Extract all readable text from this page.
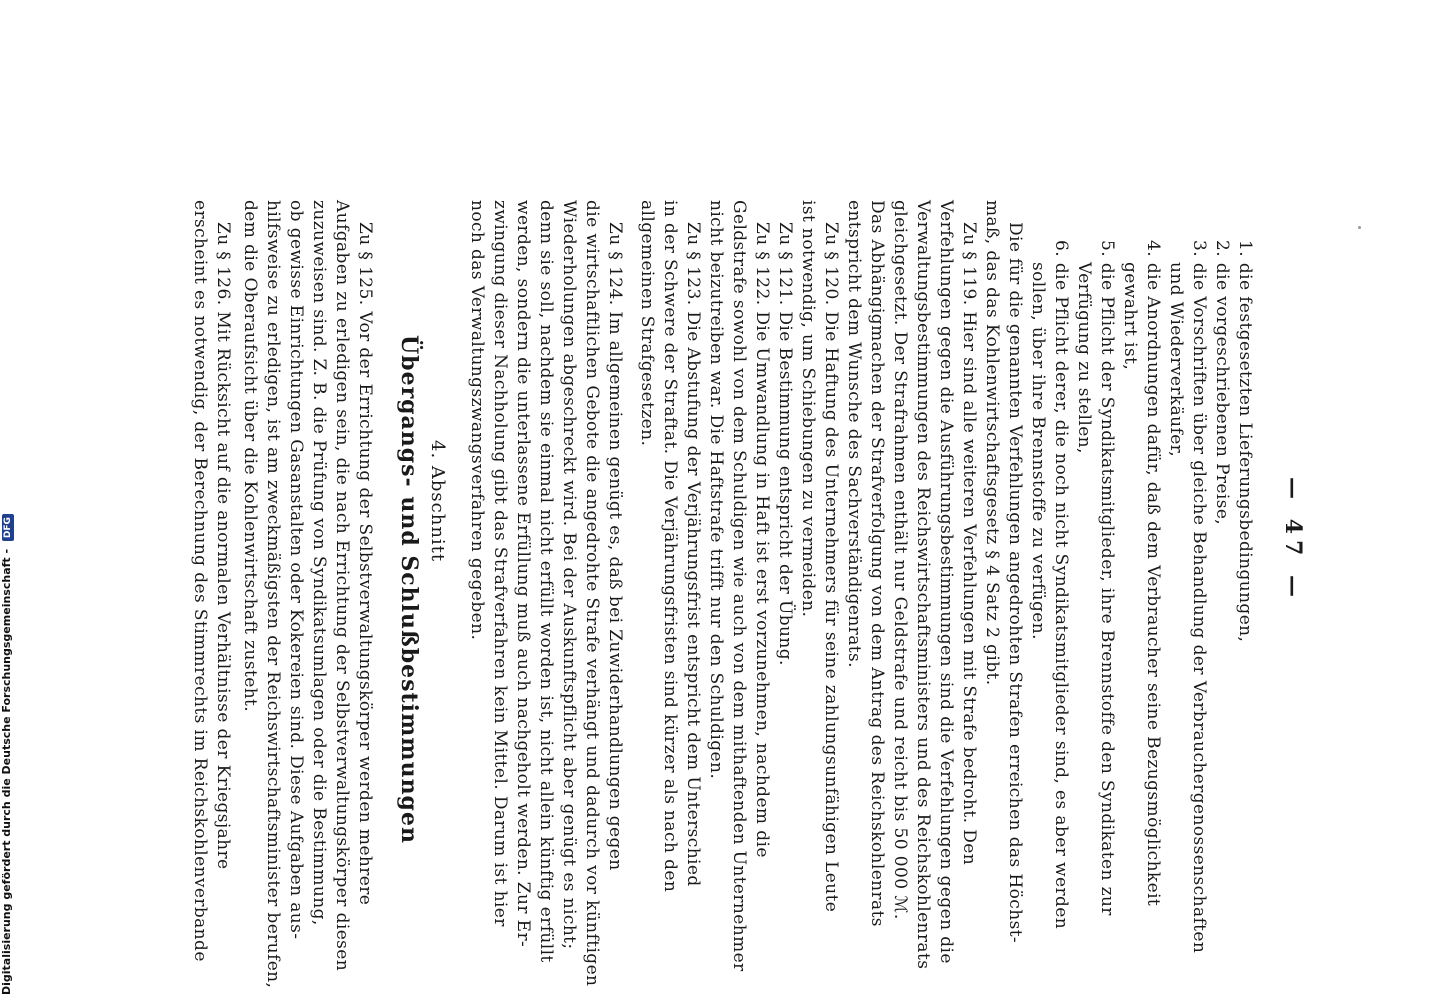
— 47 —
1. die festgesetzten Lieferungsbedingungen,
2. die vorgeschriebenen Preise,
3. die Vorschriften über gleiche Behandlung der Verbrauchergenossenschaften
und Wiederverkäufer,
4. die Anordnungen dafür, daß dem Verbraucher seine Bezugsmöglichkeit
gewahrt ist,
5. die Pflicht der Syndikatsmitglieder, ihre Brennstoffe den Syndikaten zur
Verfügung zu stellen,
6. die Pflicht derer, die noch nicht Syndikatsmitglieder sind, es aber werden
sollen, über ihre Brennstoffe zu verfügen.
Die für die genannten Verfehlungen angedrohten Strafen erreichen das Höchst-
maß, das das Kohlenwirtschaftsgesetz § 4 Satz 2 gibt.
Zu § 119. Hier sind alle weiteren Verfehlungen mit Strafe bedroht. Den
Verfehlungen gegen die Ausführungsbestimmungen sind die Verfehlungen gegen die
Verwaltungsbestimmungen des Reichswirtschaftsministers und des Reichskohlenrats
gleichgesetzt. Der Strafrahmen enthält nur Geldstrafe und reicht bis 50 000 ℳ.
Das Abhängigmachen der Strafverfolgung von dem Antrag des Reichskohlenrats
entspricht dem Wunsche des Sachverständigenrats.
Zu § 120. Die Haftung des Unternehmers für seine zahlungsunfähigen Leute
ist notwendig, um Schiebungen zu vermeiden.
Zu § 121. Die Bestimmung entspricht der Übung.
Zu § 122. Die Umwandlung in Haft ist erst vorzunehmen, nachdem die
Geldstrafe sowohl von dem Schuldigen wie auch von dem mithaftenden Unternehmer
nicht beizutreiben war. Die Haftstrafe trifft nur den Schuldigen.
Zu § 123. Die Abstufung der Verjährungsfrist entspricht dem Unterschied
in der Schwere der Straftat. Die Verjährungsfristen sind kürzer als nach den
allgemeinen Strafgesetzen.
Zu § 124. Im allgemeinen genügt es, daß bei Zuwiderhandlungen gegen
die wirtschaftlichen Gebote die angedrohte Strafe verhängt und dadurch vor künftigen
Wiederholungen abgeschreckt wird. Bei der Auskunftspflicht aber genügt es nicht;
denn sie soll, nachdem sie einmal nicht erfüllt worden ist, nicht allein künftig erfüllt
werden, sondern die unterlassene Erfüllung muß auch nachgeholt werden. Zur Er-
zwingung dieser Nachholung gibt das Strafverfahren kein Mittel. Darum ist hier
noch das Verwaltungszwangsverfahren gegeben.
4. Abschnitt
Übergangs- und Schlußbestimmungen
Zu § 125. Vor der Errichtung der Selbstverwaltungskörper werden mehrere
Aufgaben zu erledigen sein, die nach Errichtung der Selbstverwaltungskörper diesen
zuzuweisen sind. Z. B. die Prüfung von Syndikatsumlagen oder die Bestimmung,
ob gewisse Einrichtungen Gasanstalten oder Kokereien sind. Diese Aufgaben aus-
hilfsweise zu erledigen, ist am zweckmäßigsten der Reichswirtschaftsminister berufen,
dem die Oberaufsicht über die Kohlenwirtschaft zusteht.
Zu § 126. Mit Rücksicht auf die anormalen Verhältnisse der Kriegsjahre
erscheint es notwendig, der Berechnung des Stimmrechts im Reichskohlenverbande
Digitalisierung gefördert durch die Deutsche Forschungsgemeinschaft - DFG
